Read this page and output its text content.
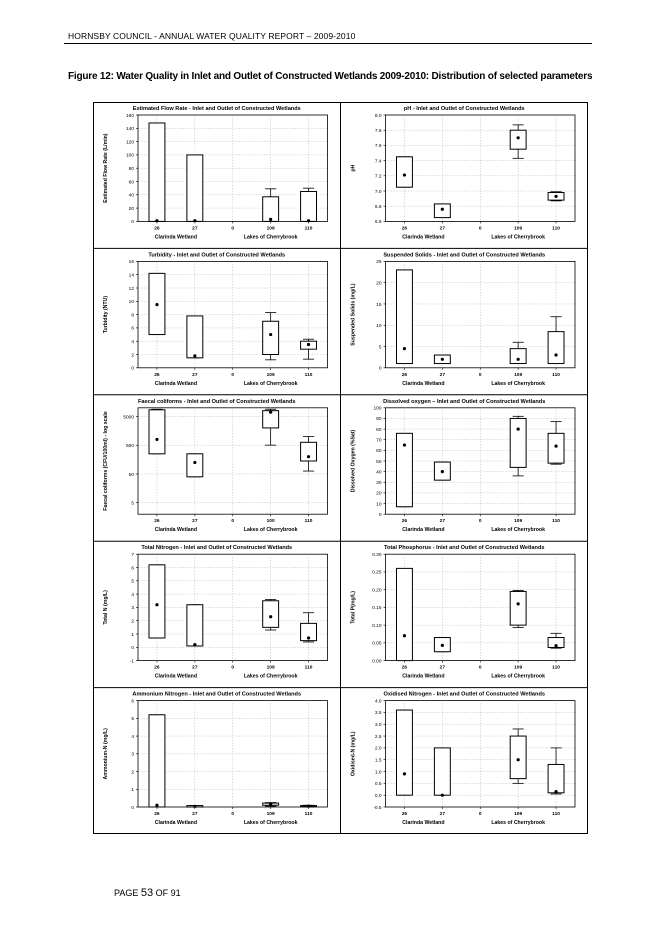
HORNSBY COUNCIL - ANNUAL WATER QUALITY REPORT – 2009-2010
Figure 12: Water Quality in Inlet and Outlet of Constructed Wetlands 2009-2010: Distribution of selected parameters
Estimated Flow Rate - Inlet and Outlet of Constructed Wetlands
0
20
40
60
80
100
120
140
160
26	27	0	109	110
Clarinda Wetland	Lakes of Cherrybrook
Estimated Flow Rate (L/min)
pH - Inlet and Outlet of Constructed Wetlands
6.6
6.8
7.0
7.2
7.4
7.6
7.8
8.0
26	27	0	109	110
Clarinda Wetland	Lakes of Cherrybrook
pH
Turbidity - Inlet and Outlet of Constructed Wetlands
0
2
4
6
8
10
12
14
16
26	27	0	109	110
Clarinda Wetland	Lakes of Cherrybrook
Turbidity (NTU)
Suspended Solids - Inlet and Outlet of Constructed Wetlands
0
5
10
15
20
25
26	27	0	109	110
Clarinda Wetland	Lakes of Cherrybrook
Suspended Solids (mg/L)
Faecal coliforms - Inlet and Outlet of Constructed Wetlands
5
50
500
5000
26	27	0	100	110
Clarinda Wetland	Lakes of Cherrybrook
Faecal coliforms (CFU/100ml) - log scale
Dissolved oxygen – Inlet and Outlet of Constructed Wetlands
0
10
20
30
40
50
60
70
80
90
100
26	27	0	109	110
Clarinda Wetland	Lakes of Cherrybrook
Dissolved Oxygen (%Sat)
Total Nitrogen - Inlet and Outlet of Constructed Wetlands
-1
0
1
2
3
4
5
6
7
26	27	0	109	110
Clarinda Wetland	Lakes of Cherrybrook
Total N (mg/L)
Total Phosphorus - Inlet and Outlet of Constructed Wetlands
0.00
0.05
0.10
0.15
0.20
0.25
0.30
26	27	0	109	110
Clarinda Wetland	Lakes of Cherrybrook
Total P(mg/L)
Ammonium Nitrogen - Inlet and Outlet of Constructed Wetlands
0
1
2
3
4
5
6
26	27	0	109	110
Clarinda Wetland	Lakes of Cherrybrook
Ammonium-N (mg/L)
Oxidised Nitrogen - Inlet and Outlet of Constructed Wetlands
-0.5
0.0
0.5
1.0
1.5
2.0
2.5
3.0
3.5
4.0
26	27	0	109	110
Clarinda Wetland	Lakes of Cherrybrook
Oxidised-N (mg/L)
PAGE 53 OF 91
